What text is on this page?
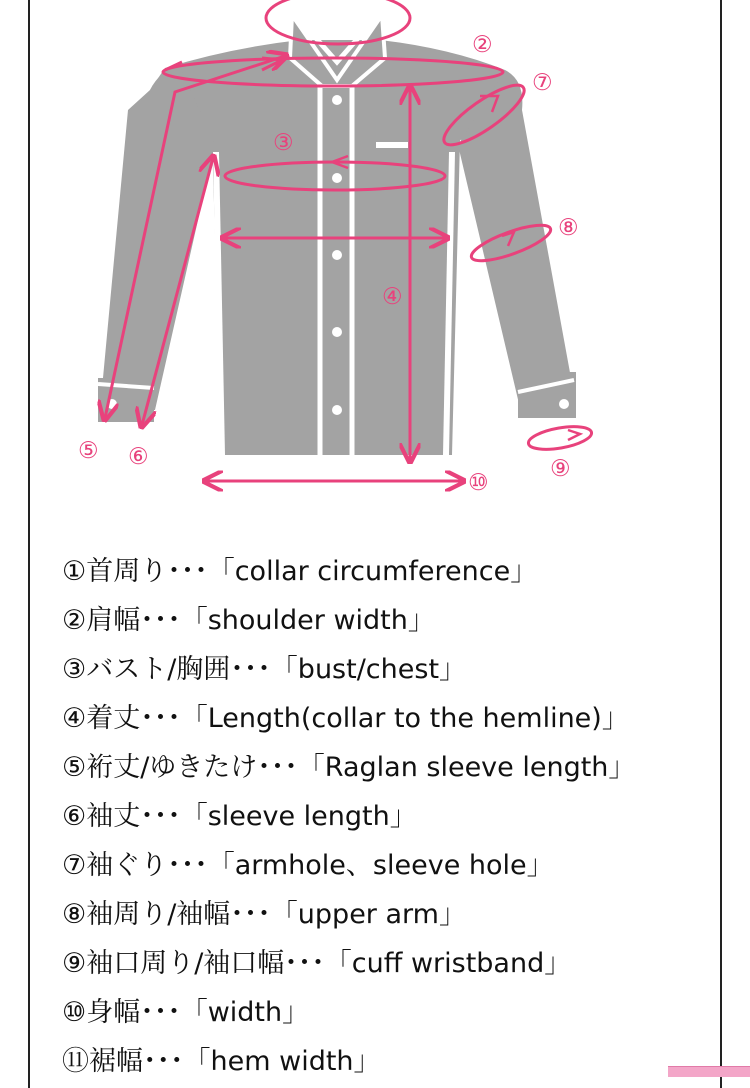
②
⑦
③
⑧
④
⑤ ⑥	⑨
⑩
①首周り･･･「collar circumference」
②肩幅･･･「shoulder width」
③バスト/胸囲･･･「bust/chest」
④着丈･･･「Length(collar to the hemline)」
⑤裄丈/ゆきたけ･･･「Raglan sleeve length」
⑥袖丈･･･「sleeve length」
⑦袖ぐり･･･「armhole、sleeve hole」
⑧袖周り/袖幅･･･「upper arm」
⑨袖口周り/袖口幅･･･「cuff wristband」
⑩身幅･･･「width」
⑪裾幅･･･「hem width」
